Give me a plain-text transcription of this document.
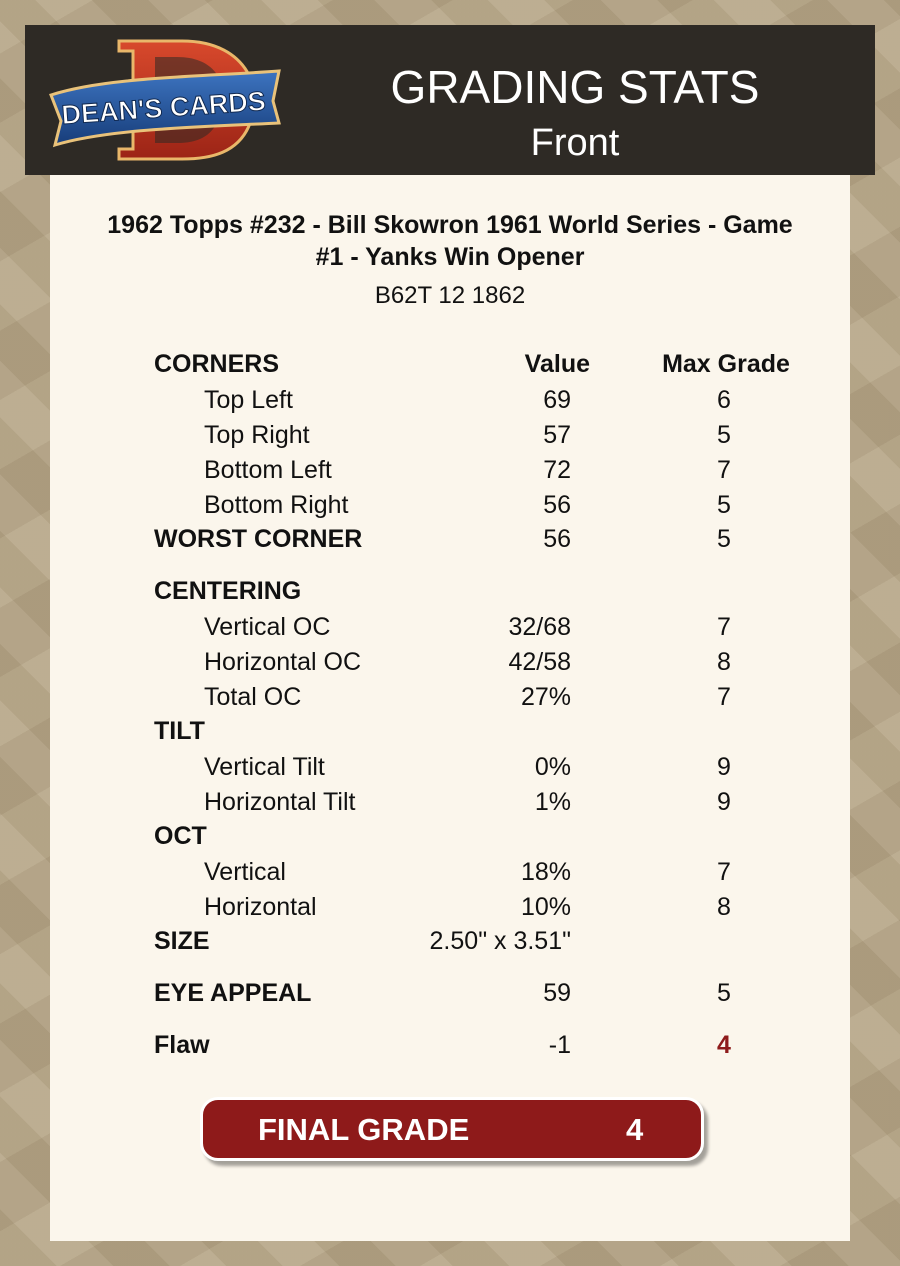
DEAN'S CARDS	GRADING STATS
Front
1962 Topps #232 - Bill Skowron 1961 World Series - Game #1 - Yanks Win Opener
B62T 12 1862
CORNERS	Value	Max Grade
Top Left	69	6
Top Right	57	5
Bottom Left	72	7
Bottom Right	56	5
WORST CORNER	56	5
CENTERING
Vertical OC	32/68	7
Horizontal OC	42/58	8
Total OC	27%	7
TILT
Vertical Tilt	0%	9
Horizontal Tilt	1%	9
OCT
Vertical	18%	7
Horizontal	10%	8
SIZE	2.50" x 3.51"
EYE APPEAL	59	5
Flaw	-1	4
FINAL GRADE	4
